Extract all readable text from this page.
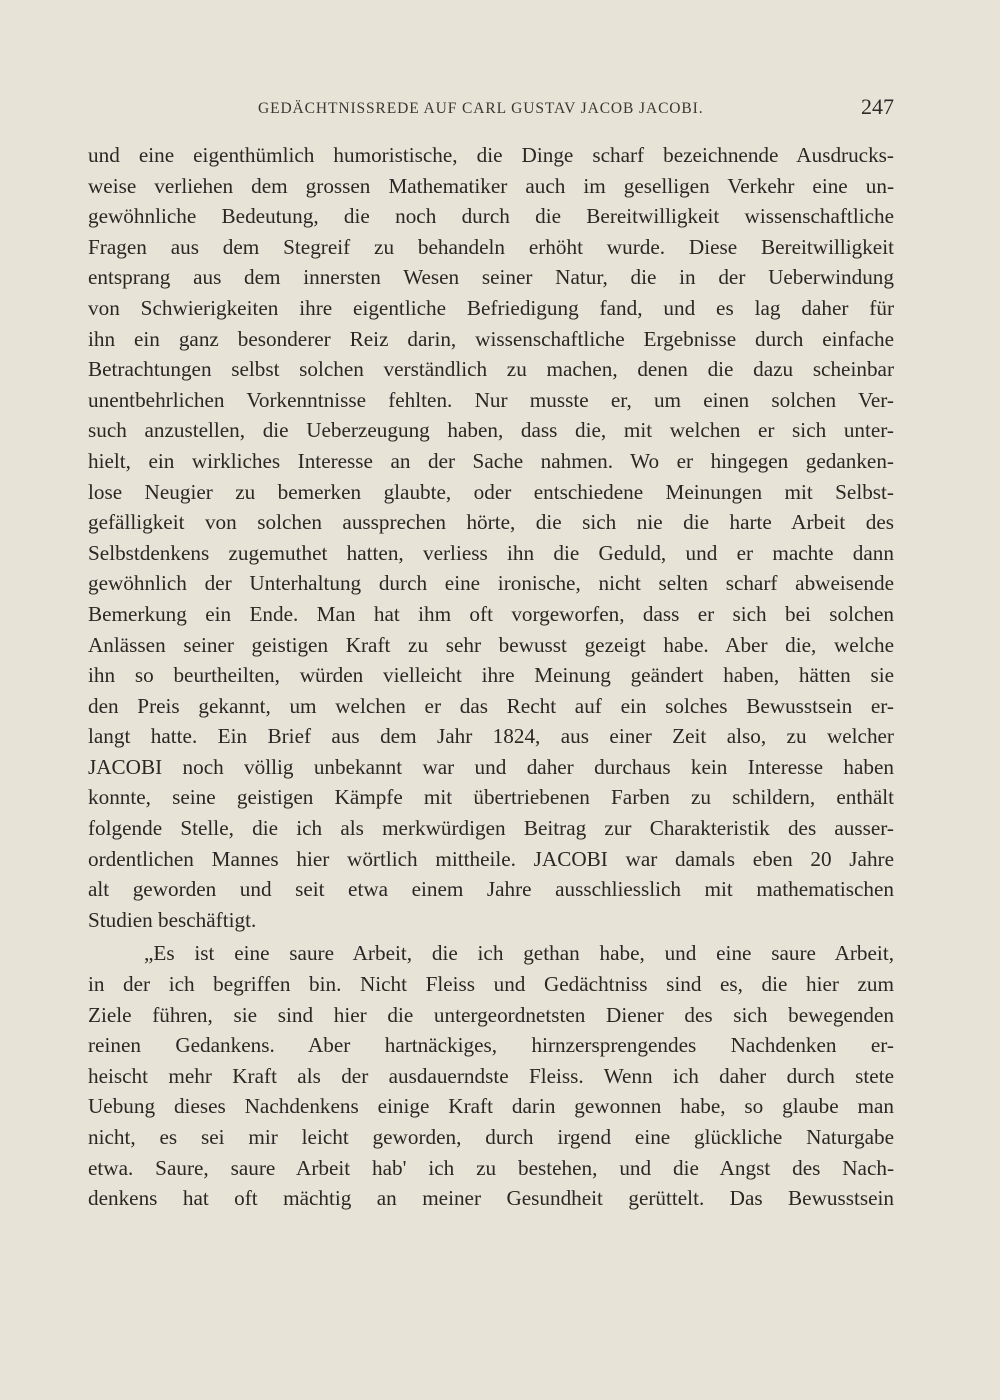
GEDÄCHTNISSREDE AUF CARL GUSTAV JACOB JACOBI.	247
und eine eigenthümlich humoristische, die Dinge scharf bezeichnende Ausdrucks-
weise verliehen dem grossen Mathematiker auch im geselligen Verkehr eine un-
gewöhnliche Bedeutung, die noch durch die Bereitwilligkeit wissenschaftliche
Fragen aus dem Stegreif zu behandeln erhöht wurde. Diese Bereitwilligkeit
entsprang aus dem innersten Wesen seiner Natur, die in der Ueberwindung
von Schwierigkeiten ihre eigentliche Befriedigung fand, und es lag daher für
ihn ein ganz besonderer Reiz darin, wissenschaftliche Ergebnisse durch einfache
Betrachtungen selbst solchen verständlich zu machen, denen die dazu scheinbar
unentbehrlichen Vorkenntnisse fehlten. Nur musste er, um einen solchen Ver-
such anzustellen, die Ueberzeugung haben, dass die, mit welchen er sich unter-
hielt, ein wirkliches Interesse an der Sache nahmen. Wo er hingegen gedanken-
lose Neugier zu bemerken glaubte, oder entschiedene Meinungen mit Selbst-
gefälligkeit von solchen aussprechen hörte, die sich nie die harte Arbeit des
Selbstdenkens zugemuthet hatten, verliess ihn die Geduld, und er machte dann
gewöhnlich der Unterhaltung durch eine ironische, nicht selten scharf abweisende
Bemerkung ein Ende. Man hat ihm oft vorgeworfen, dass er sich bei solchen
Anlässen seiner geistigen Kraft zu sehr bewusst gezeigt habe. Aber die, welche
ihn so beurtheilten, würden vielleicht ihre Meinung geändert haben, hätten sie
den Preis gekannt, um welchen er das Recht auf ein solches Bewusstsein er-
langt hatte. Ein Brief aus dem Jahr 1824, aus einer Zeit also, zu welcher
JACOBI noch völlig unbekannt war und daher durchaus kein Interesse haben
konnte, seine geistigen Kämpfe mit übertriebenen Farben zu schildern, enthält
folgende Stelle, die ich als merkwürdigen Beitrag zur Charakteristik des ausser-
ordentlichen Mannes hier wörtlich mittheile. JACOBI war damals eben 20 Jahre
alt geworden und seit etwa einem Jahre ausschliesslich mit mathematischen
Studien beschäftigt.
„Es ist eine saure Arbeit, die ich gethan habe, und eine saure Arbeit,
in der ich begriffen bin. Nicht Fleiss und Gedächtniss sind es, die hier zum
Ziele führen, sie sind hier die untergeordnetsten Diener des sich bewegenden
reinen Gedankens. Aber hartnäckiges, hirnzersprengendes Nachdenken er-
heischt mehr Kraft als der ausdauerndste Fleiss. Wenn ich daher durch stete
Uebung dieses Nachdenkens einige Kraft darin gewonnen habe, so glaube man
nicht, es sei mir leicht geworden, durch irgend eine glückliche Naturgabe
etwa. Saure, saure Arbeit hab' ich zu bestehen, und die Angst des Nach-
denkens hat oft mächtig an meiner Gesundheit gerüttelt. Das Bewusstsein
